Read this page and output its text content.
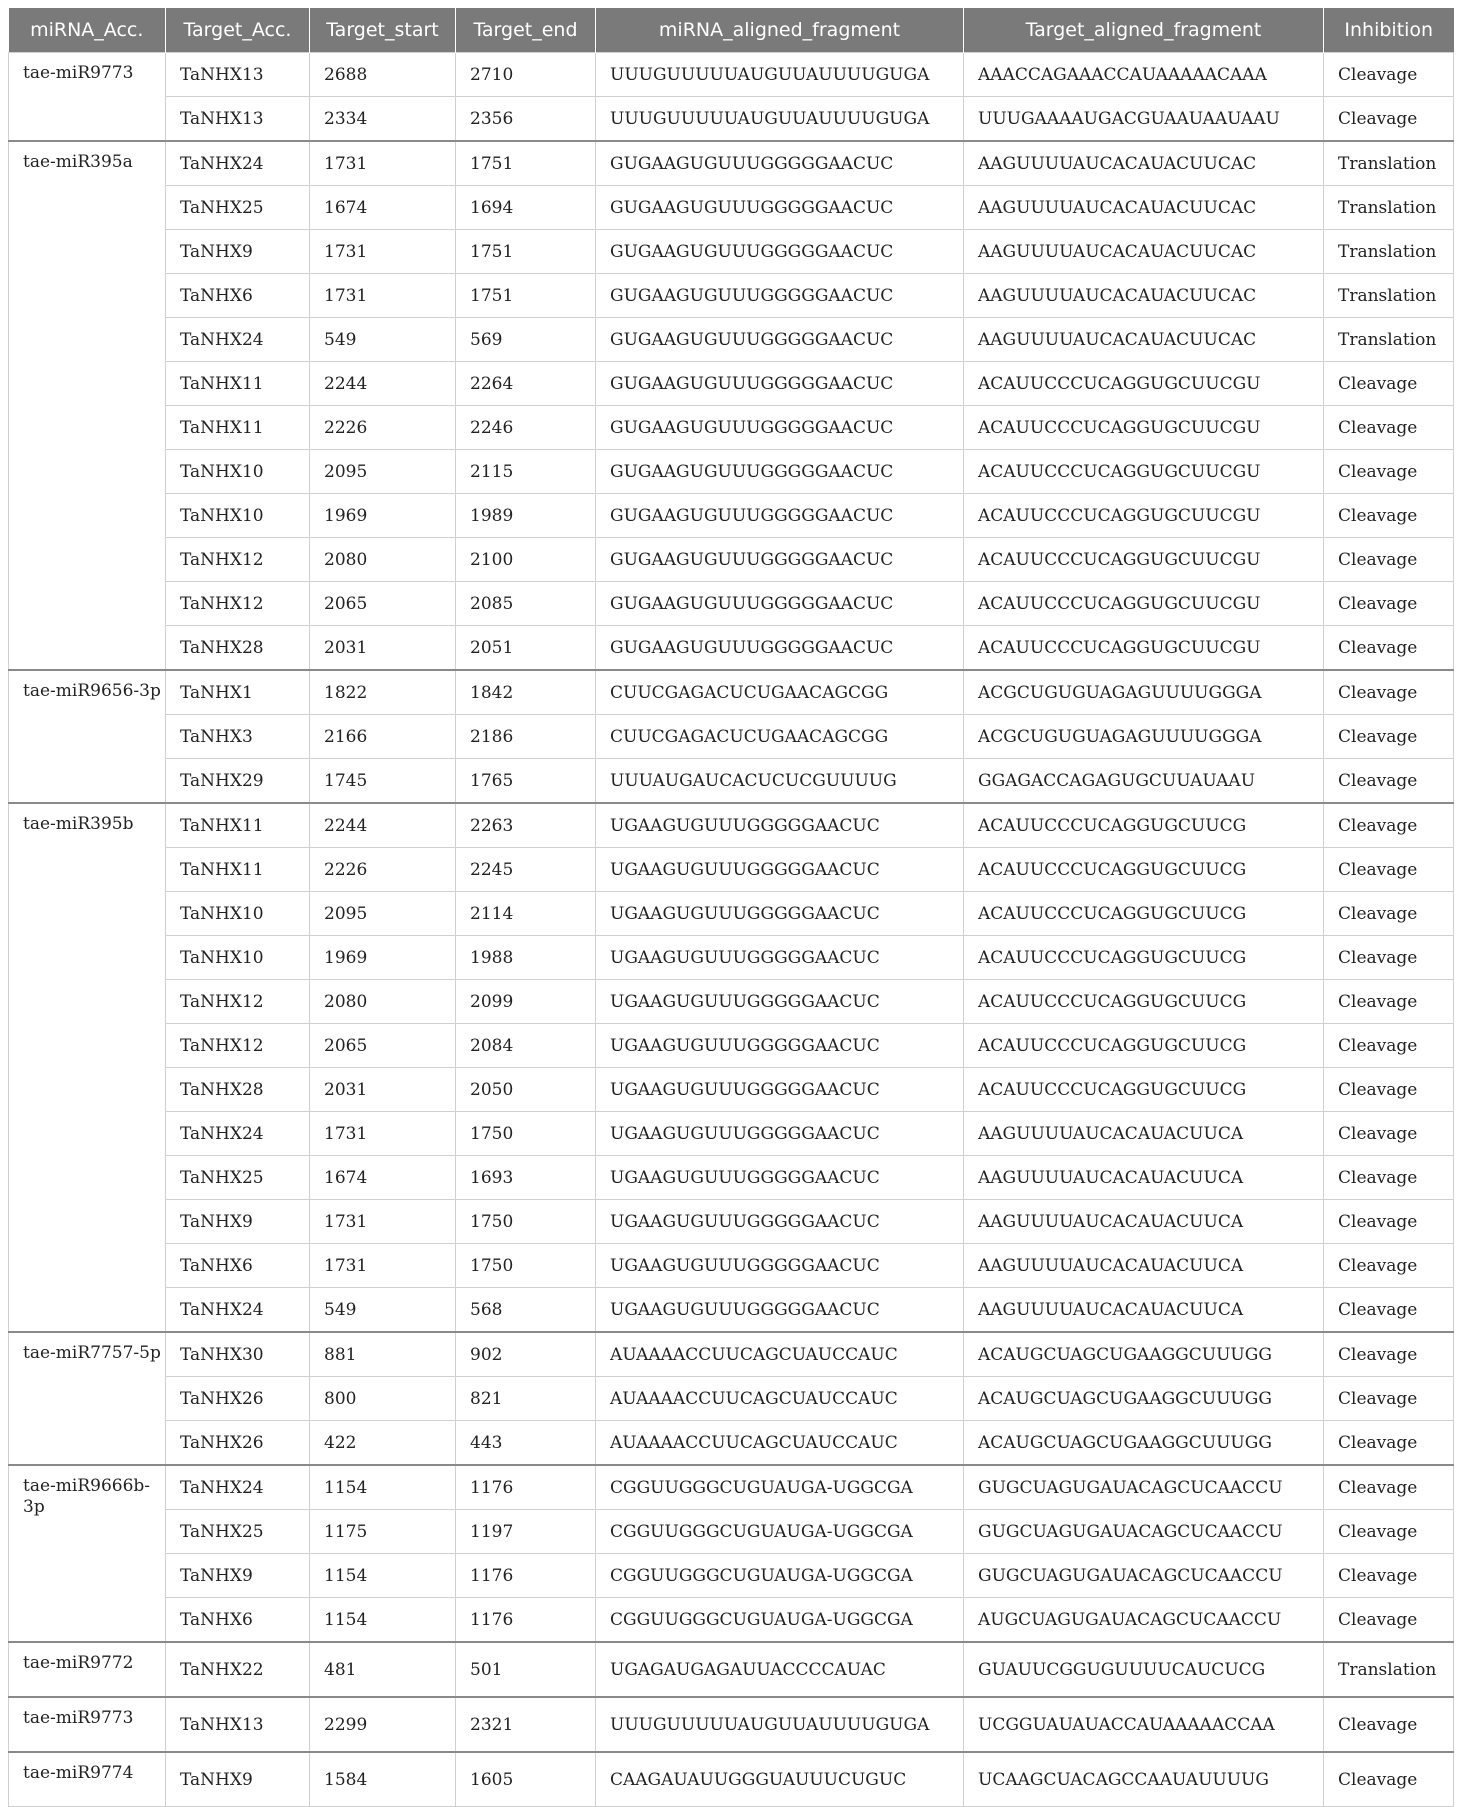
miRNA_Acc.	Target_Acc.	Target_start	Target_end	miRNA_aligned_fragment	Target_aligned_fragment	Inhibition
tae-miR9773	TaNHX13	2688	2710	UUUGUUUUUAUGUUAUUUUGUGA	AAACCAGAAACCAUAAAAACAAA	Cleavage
	TaNHX13	2334	2356	UUUGUUUUUAUGUUAUUUUGUGA	UUUGAAAAUGACGUAAUAAUAAU	Cleavage
tae-miR395a	TaNHX24	1731	1751	GUGAAGUGUUUGGGGGAACUC	AAGUUUUAUCACAUACUUCAC	Translation
	TaNHX25	1674	1694	GUGAAGUGUUUGGGGGAACUC	AAGUUUUAUCACAUACUUCAC	Translation
	TaNHX9	1731	1751	GUGAAGUGUUUGGGGGAACUC	AAGUUUUAUCACAUACUUCAC	Translation
	TaNHX6	1731	1751	GUGAAGUGUUUGGGGGAACUC	AAGUUUUAUCACAUACUUCAC	Translation
	TaNHX24	549	569	GUGAAGUGUUUGGGGGAACUC	AAGUUUUAUCACAUACUUCAC	Translation
	TaNHX11	2244	2264	GUGAAGUGUUUGGGGGAACUC	ACAUUCCCUCAGGUGCUUCGU	Cleavage
	TaNHX11	2226	2246	GUGAAGUGUUUGGGGGAACUC	ACAUUCCCUCAGGUGCUUCGU	Cleavage
	TaNHX10	2095	2115	GUGAAGUGUUUGGGGGAACUC	ACAUUCCCUCAGGUGCUUCGU	Cleavage
	TaNHX10	1969	1989	GUGAAGUGUUUGGGGGAACUC	ACAUUCCCUCAGGUGCUUCGU	Cleavage
	TaNHX12	2080	2100	GUGAAGUGUUUGGGGGAACUC	ACAUUCCCUCAGGUGCUUCGU	Cleavage
	TaNHX12	2065	2085	GUGAAGUGUUUGGGGGAACUC	ACAUUCCCUCAGGUGCUUCGU	Cleavage
	TaNHX28	2031	2051	GUGAAGUGUUUGGGGGAACUC	ACAUUCCCUCAGGUGCUUCGU	Cleavage
tae-miR9656-3p	TaNHX1	1822	1842	CUUCGAGACUCUGAACAGCGG	ACGCUGUGUAGAGUUUUGGGA	Cleavage
	TaNHX3	2166	2186	CUUCGAGACUCUGAACAGCGG	ACGCUGUGUAGAGUUUUGGGA	Cleavage
	TaNHX29	1745	1765	UUUAUGAUCACUCUCGUUUUG	GGAGACCAGAGUGCUUAUAAU	Cleavage
tae-miR395b	TaNHX11	2244	2263	UGAAGUGUUUGGGGGAACUC	ACAUUCCCUCAGGUGCUUCG	Cleavage
	TaNHX11	2226	2245	UGAAGUGUUUGGGGGAACUC	ACAUUCCCUCAGGUGCUUCG	Cleavage
	TaNHX10	2095	2114	UGAAGUGUUUGGGGGAACUC	ACAUUCCCUCAGGUGCUUCG	Cleavage
	TaNHX10	1969	1988	UGAAGUGUUUGGGGGAACUC	ACAUUCCCUCAGGUGCUUCG	Cleavage
	TaNHX12	2080	2099	UGAAGUGUUUGGGGGAACUC	ACAUUCCCUCAGGUGCUUCG	Cleavage
	TaNHX12	2065	2084	UGAAGUGUUUGGGGGAACUC	ACAUUCCCUCAGGUGCUUCG	Cleavage
	TaNHX28	2031	2050	UGAAGUGUUUGGGGGAACUC	ACAUUCCCUCAGGUGCUUCG	Cleavage
	TaNHX24	1731	1750	UGAAGUGUUUGGGGGAACUC	AAGUUUUAUCACAUACUUCA	Cleavage
	TaNHX25	1674	1693	UGAAGUGUUUGGGGGAACUC	AAGUUUUAUCACAUACUUCA	Cleavage
	TaNHX9	1731	1750	UGAAGUGUUUGGGGGAACUC	AAGUUUUAUCACAUACUUCA	Cleavage
	TaNHX6	1731	1750	UGAAGUGUUUGGGGGAACUC	AAGUUUUAUCACAUACUUCA	Cleavage
	TaNHX24	549	568	UGAAGUGUUUGGGGGAACUC	AAGUUUUAUCACAUACUUCA	Cleavage
tae-miR7757-5p	TaNHX30	881	902	AUAAAACCUUCAGCUAUCCAUC	ACAUGCUAGCUGAAGGCUUUGG	Cleavage
	TaNHX26	800	821	AUAAAACCUUCAGCUAUCCAUC	ACAUGCUAGCUGAAGGCUUUGG	Cleavage
	TaNHX26	422	443	AUAAAACCUUCAGCUAUCCAUC	ACAUGCUAGCUGAAGGCUUUGG	Cleavage
tae-miR9666b-3p	TaNHX24	1154	1176	CGGUUGGGCUGUAUGA-UGGCGA	GUGCUAGUGAUACAGCUCAACCU	Cleavage
	TaNHX25	1175	1197	CGGUUGGGCUGUAUGA-UGGCGA	GUGCUAGUGAUACAGCUCAACCU	Cleavage
	TaNHX9	1154	1176	CGGUUGGGCUGUAUGA-UGGCGA	GUGCUAGUGAUACAGCUCAACCU	Cleavage
	TaNHX6	1154	1176	CGGUUGGGCUGUAUGA-UGGCGA	AUGCUAGUGAUACAGCUCAACCU	Cleavage
tae-miR9772	TaNHX22	481	501	UGAGAUGAGAUUACCCCAUAC	GUAUUCGGUGUUUUCAUCUCG	Translation
tae-miR9773	TaNHX13	2299	2321	UUUGUUUUUAUGUUAUUUUGUGA	UCGGUAUAUACCAUAAAAACCAA	Cleavage
tae-miR9774	TaNHX9	1584	1605	CAAGAUAUUGGGUAUUUCUGUC	UCAAGCUACAGCCAAUAUUUUG	Cleavage
